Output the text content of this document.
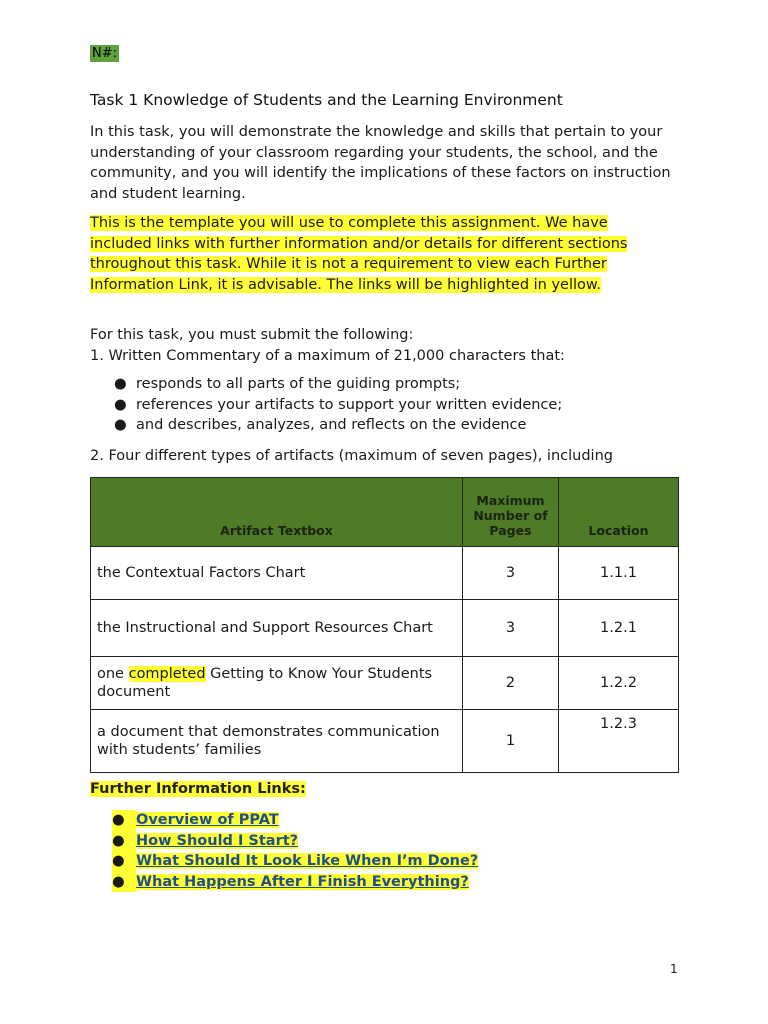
N#:
Task 1 Knowledge of Students and the Learning Environment
In this task, you will demonstrate the knowledge and skills that pertain to your understanding of your classroom regarding your students, the school, and the community, and you will identify the implications of these factors on instruction and student learning.
This is the template you will use to complete this assignment. We have
included links with further information and/or details for different sections
throughout this task. While it is not a requirement to view each Further
Information Link, it is advisable. The links will be highlighted in yellow.
For this task, you must submit the following:
1. Written Commentary of a maximum of 21,000 characters that:
● responds to all parts of the guiding prompts;
● references your artifacts to support your written evidence;
● and describes, analyzes, and reflects on the evidence
2. Four different types of artifacts (maximum of seven pages), including
Artifact Textbox	Maximum Number of Pages	Location
the Contextual Factors Chart	3	1.1.1
the Instructional and Support Resources Chart	3	1.2.1
one completed Getting to Know Your Students document	2	1.2.2
a document that demonstrates communication with students’ families	1	1.2.3
Further Information Links:
● Overview of PPAT
● How Should I Start?
● What Should It Look Like When I’m Done?
● What Happens After I Finish Everything?
1
